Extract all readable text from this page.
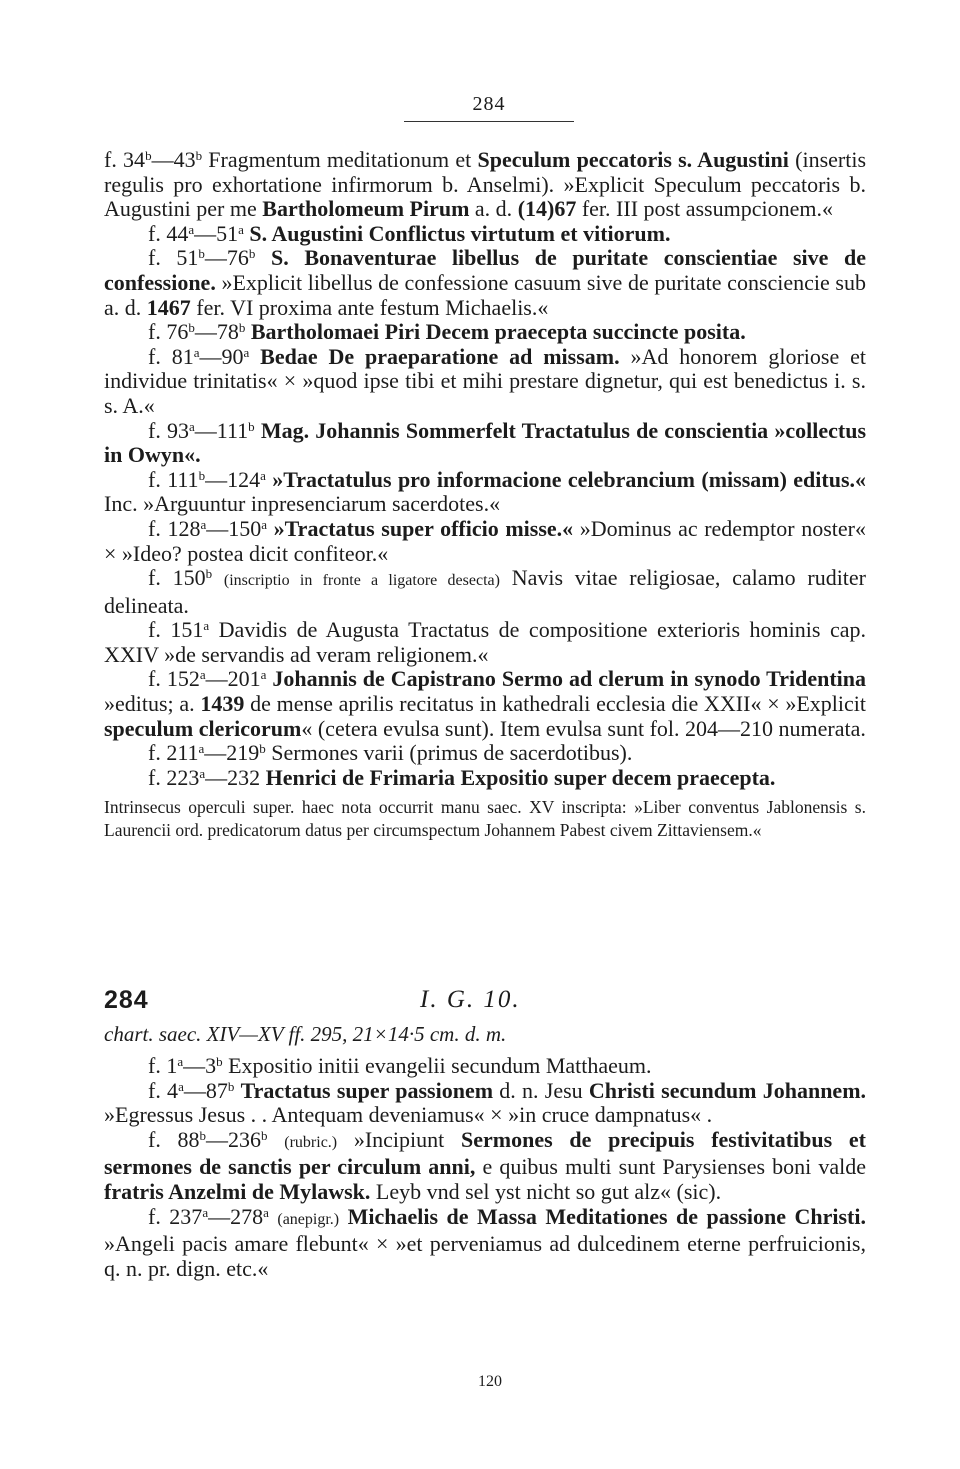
284

f. 34$^b$—43$^b$ Fragmentum meditationum et Speculum peccatoris s. Augustini (insertis regulis pro exhortatione infirmorum b. Anselmi). »Explicit Speculum peccatoris b. Augustini per me Bartholomeum Pirum a. d. (14)67 fer. III post assumpcionem.«

f. 44$^a$—51$^a$ S. Augustini Conflictus virtutum et vitiorum.

f. 51$^b$—76$^b$ S. Bonaventurae libellus de puritate conscientiae sive de confessione. »Explicit libellus de confessione casuum sive de puritate consciencie sub a. d. 1467 fer. VI proxima ante festum Michaelis.«

f. 76$^b$—78$^b$ Bartholomaei Piri Decem praecepta succincte posita.

f. 81$^a$—90$^a$ Bedae De praeparatione ad missam. »Ad honorem gloriose et individue trinitatis« × »quod ipse tibi et mihi prestare dignetur, qui est benedictus i. s. s. A.«

f. 93$^a$—111$^b$ Mag. Johannis Sommerfelt Tractatulus de conscientia »collectus in Owyn«.

f. 111$^b$—124$^a$ »Tractatulus pro informacione celebrancium (missam) editus.« Inc. »Arguuntur inpresenciarum sacerdotes.«

f. 128$^a$—150$^a$ »Tractatus super officio misse.« »Dominus ac redemptor noster« × »Ideo? postea dicit confiteor.«

f. 150$^b$ (inscriptio in fronte a ligatore desecta) Navis vitae religiosae, calamo ruditer delineata.

f. 151$^a$ Davidis de Augusta Tractatus de compositione exterioris hominis cap. XXIV »de servandis ad veram religionem.«

f. 152$^a$—201$^a$ Johannis de Capistrano Sermo ad clerum in synodo Tridentina »editus; a. 1439 de mense aprilis recitatus in kathedrali ecclesia die XXII« × »Explicit speculum clericorum« (cetera evulsa sunt). Item evulsa sunt fol. 204—210 numerata.

f. 211$^a$—219$^b$ Sermones varii (primus de sacerdotibus).

f. 223$^a$—232 Henrici de Frimaria Expositio super decem praecepta.

Intrinsecus operculi super. haec nota occurrit manu saec. XV inscripta: »Liber conventus Jablonensis s. Laurencii ord. predicatorum datus per circumspectum Johannem Pabest civem Zittaviensem.«

284	I. G. 10.
chart. saec. XIV—XV ff. 295, 21×14·5 cm. d. m.

f. 1$^a$—3$^b$ Expositio initii evangelii secundum Matthaeum.

f. 4$^a$—87$^b$ Tractatus super passionem d. n. Jesu Christi secundum Johannem. »Egressus Jesus . . Antequam deveniamus« × »in cruce dampnatus« .

f. 88$^b$—236$^b$ (rubric.) »Incipiunt Sermones de precipuis festivitatibus et sermones de sanctis per circulum anni, e quibus multi sunt Parysienses boni valde fratris Anzelmi de Mylawsk. Leyb vnd sel yst nicht so gut alz« (sic).

f. 237$^a$—278$^a$ (anepigr.) Michaelis de Massa Meditationes de passione Christi. »Angeli pacis amare flebunt« × »et perveniamus ad dulcedinem eterne perfruicionis, q. n. pr. dign. etc.«

120
